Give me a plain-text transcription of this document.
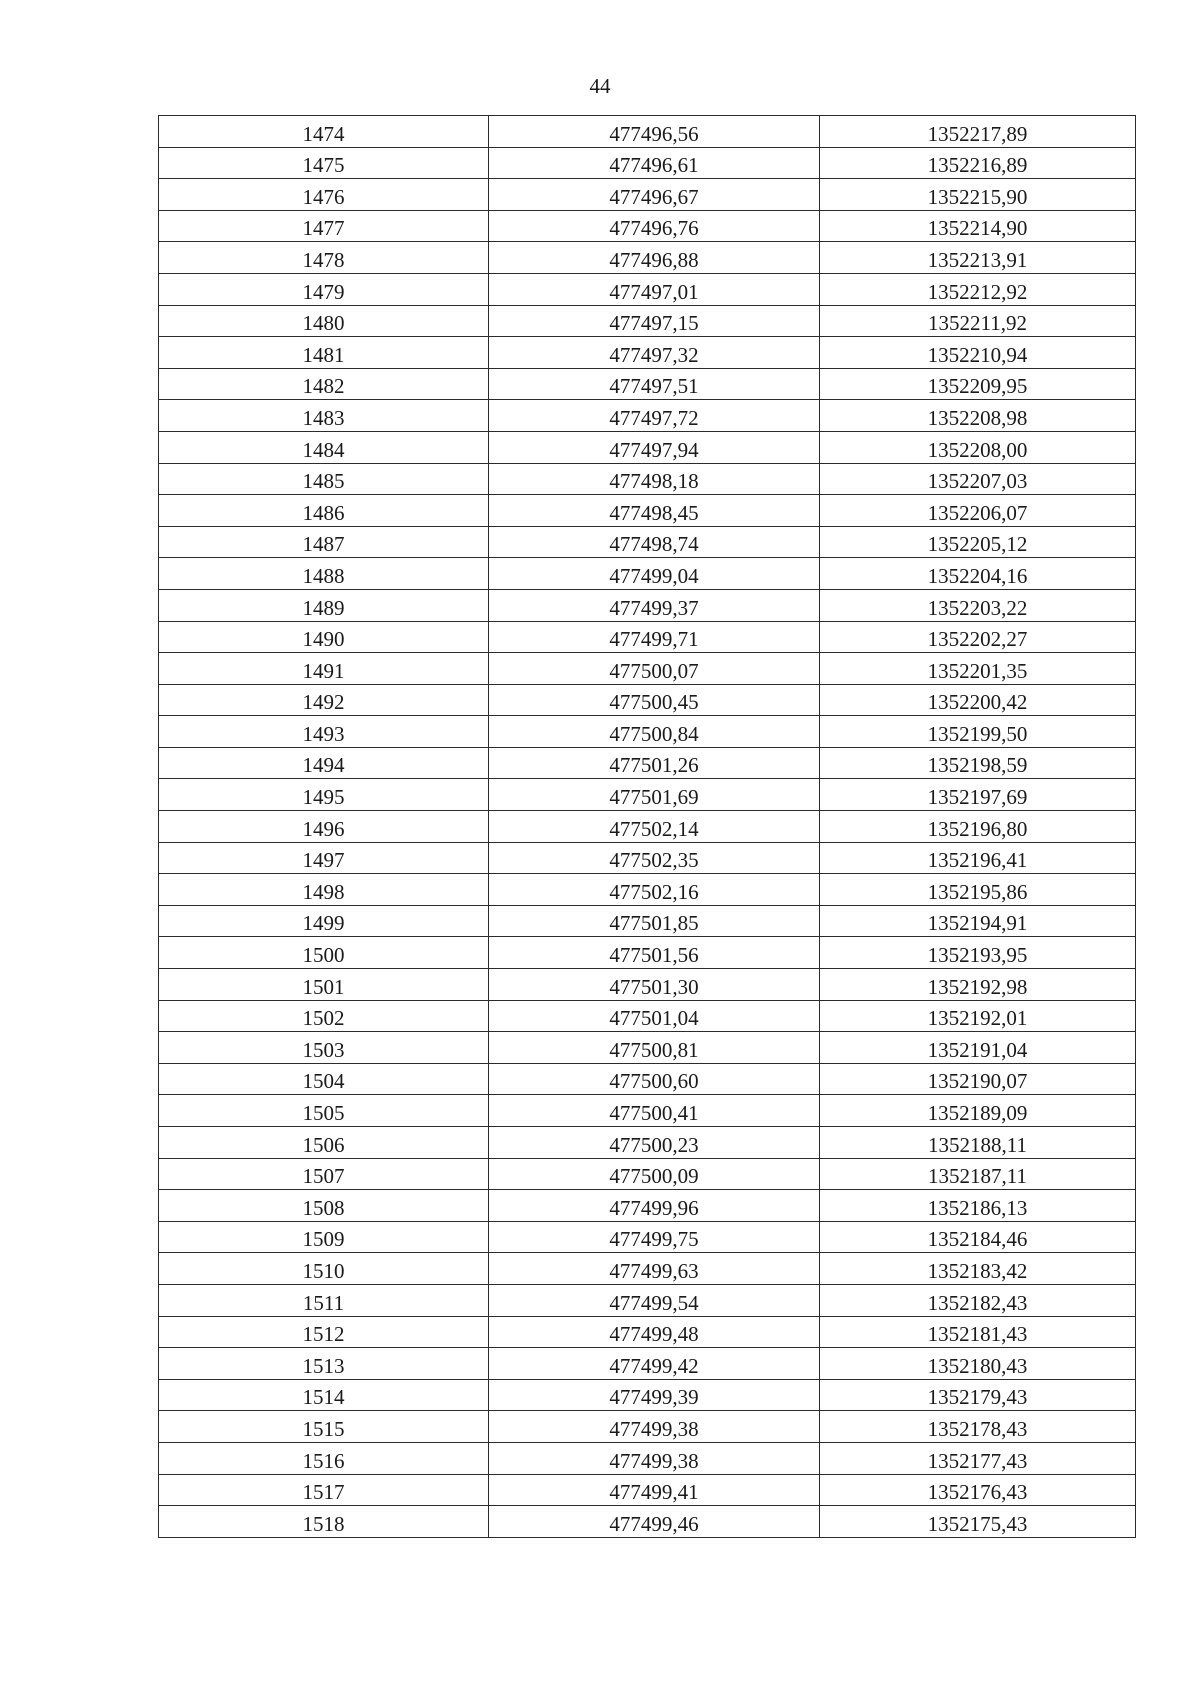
44
1474	477496,56	1352217,89
1475	477496,61	1352216,89
1476	477496,67	1352215,90
1477	477496,76	1352214,90
1478	477496,88	1352213,91
1479	477497,01	1352212,92
1480	477497,15	1352211,92
1481	477497,32	1352210,94
1482	477497,51	1352209,95
1483	477497,72	1352208,98
1484	477497,94	1352208,00
1485	477498,18	1352207,03
1486	477498,45	1352206,07
1487	477498,74	1352205,12
1488	477499,04	1352204,16
1489	477499,37	1352203,22
1490	477499,71	1352202,27
1491	477500,07	1352201,35
1492	477500,45	1352200,42
1493	477500,84	1352199,50
1494	477501,26	1352198,59
1495	477501,69	1352197,69
1496	477502,14	1352196,80
1497	477502,35	1352196,41
1498	477502,16	1352195,86
1499	477501,85	1352194,91
1500	477501,56	1352193,95
1501	477501,30	1352192,98
1502	477501,04	1352192,01
1503	477500,81	1352191,04
1504	477500,60	1352190,07
1505	477500,41	1352189,09
1506	477500,23	1352188,11
1507	477500,09	1352187,11
1508	477499,96	1352186,13
1509	477499,75	1352184,46
1510	477499,63	1352183,42
1511	477499,54	1352182,43
1512	477499,48	1352181,43
1513	477499,42	1352180,43
1514	477499,39	1352179,43
1515	477499,38	1352178,43
1516	477499,38	1352177,43
1517	477499,41	1352176,43
1518	477499,46	1352175,43
